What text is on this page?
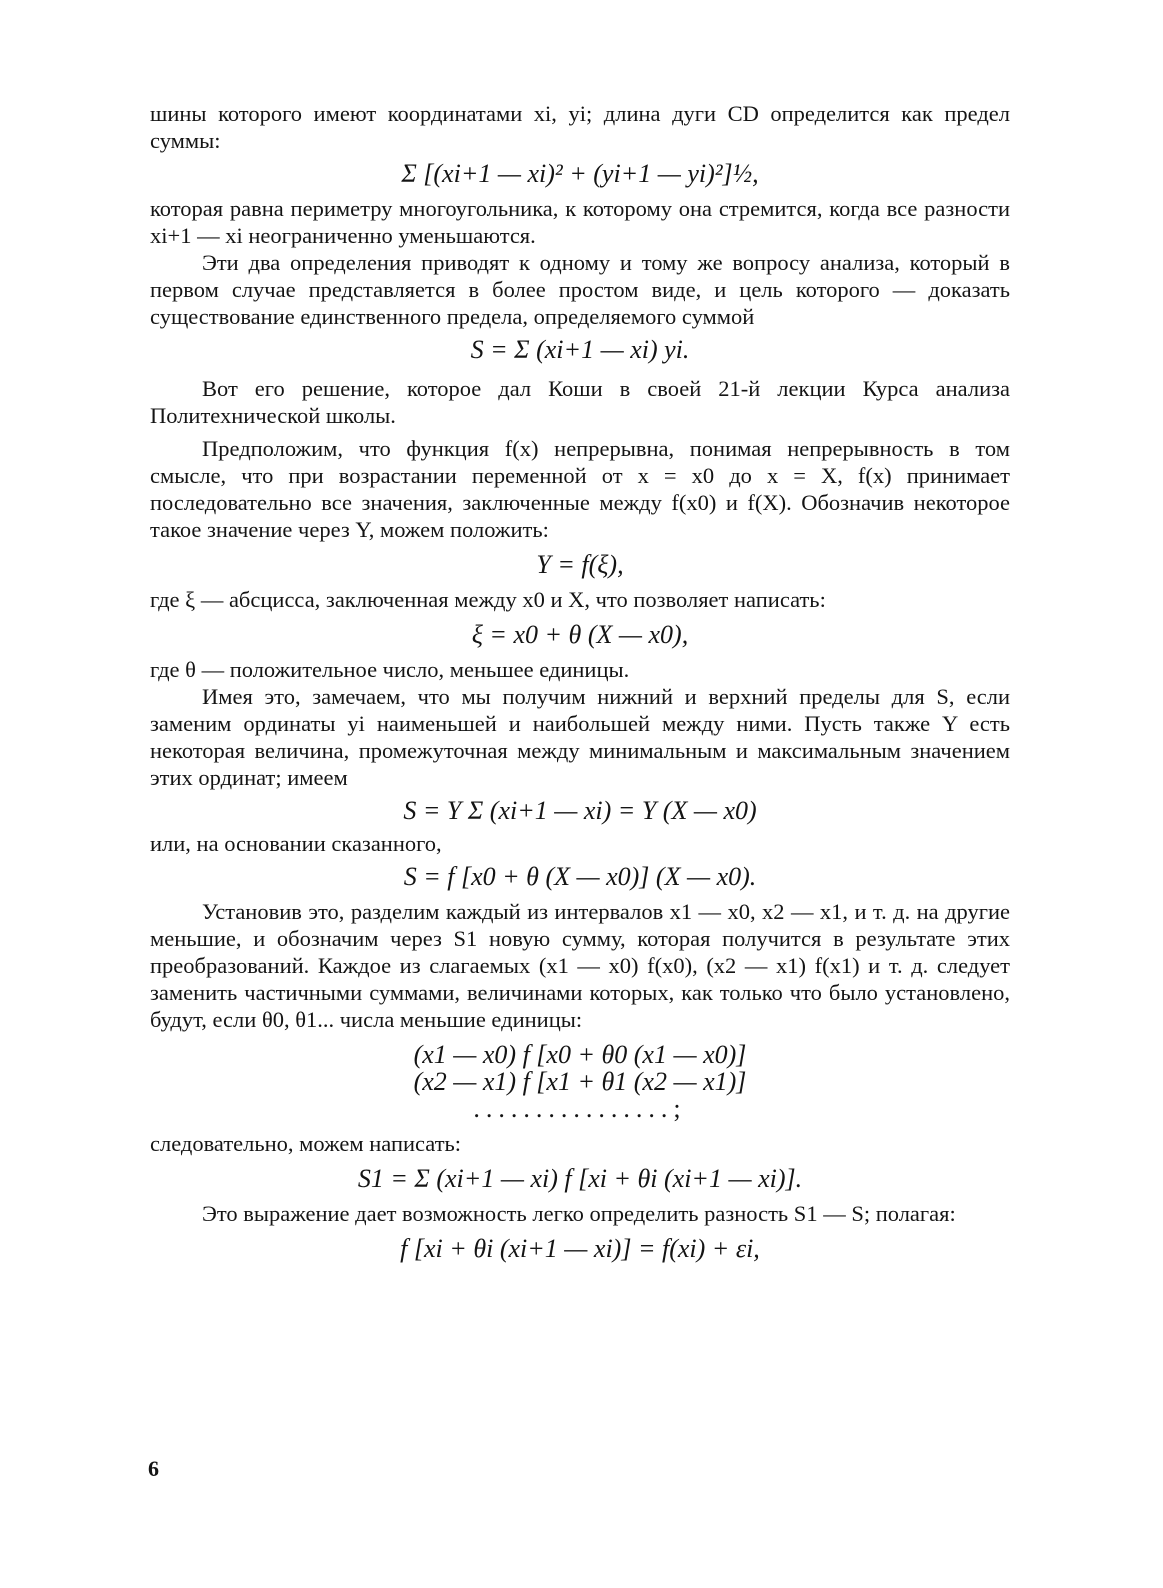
шины которого имеют координатами xi, yi; длина дуги CD определится как предел суммы:

Σ [(xi+1 — xi)² + (yi+1 — yi)²]½,

которая равна периметру многоугольника, к которому она стремится, когда все разности xi+1 — xi неограниченно уменьшаются.

Эти два определения приводят к одному и тому же вопросу анализа, который в первом случае представляется в более простом виде, и цель которого — доказать существование единственного предела, определяемого суммой

S = Σ (xi+1 — xi) yi.

Вот его решение, которое дал Коши в своей 21-й лекции Курса анализа Политехнической школы.

Предположим, что функция f(x) непрерывна, понимая непрерывность в том смысле, что при возрастании переменной от x = x0 до x = X, f(x) принимает последовательно все значения, заключенные между f(x0) и f(X). Обозначив некоторое такое значение через Y, можем положить:

Y = f(ξ),

где ξ — абсцисса, заключенная между x0 и X, что позволяет написать:

ξ = x0 + θ (X — x0),

где θ — положительное число, меньшее единицы.

Имея это, замечаем, что мы получим нижний и верхний пределы для S, если заменим ординаты yi наименьшей и наибольшей между ними. Пусть также Y есть некоторая величина, промежуточная между минимальным и максимальным значением этих ординат; имеем

S = Y Σ (xi+1 — xi) = Y (X — x0)

или, на основании сказанного,

S = f [x0 + θ (X — x0)] (X — x0).

Установив это, разделим каждый из интервалов x1 — x0, x2 — x1, и т. д. на другие меньшие, и обозначим через S1 новую сумму, которая получится в результате этих преобразований. Каждое из слагаемых (x1 — x0) f(x0), (x2 — x1) f(x1) и т. д. следует заменить частичными суммами, величинами которых, как только что было установлено, будут, если θ0, θ1... числа меньшие единицы:

(x1 — x0) f [x0 + θ0 (x1 — x0)]

(x2 — x1) f [x1 + θ1 (x2 — x1)]

................;

следовательно, можем написать:

S1 = Σ (xi+1 — xi) f [xi + θi (xi+1 — xi)].

Это выражение дает возможность легко определить разность S1 — S; полагая:

f [xi + θi (xi+1 — xi)] = f(xi) + εi,

6
